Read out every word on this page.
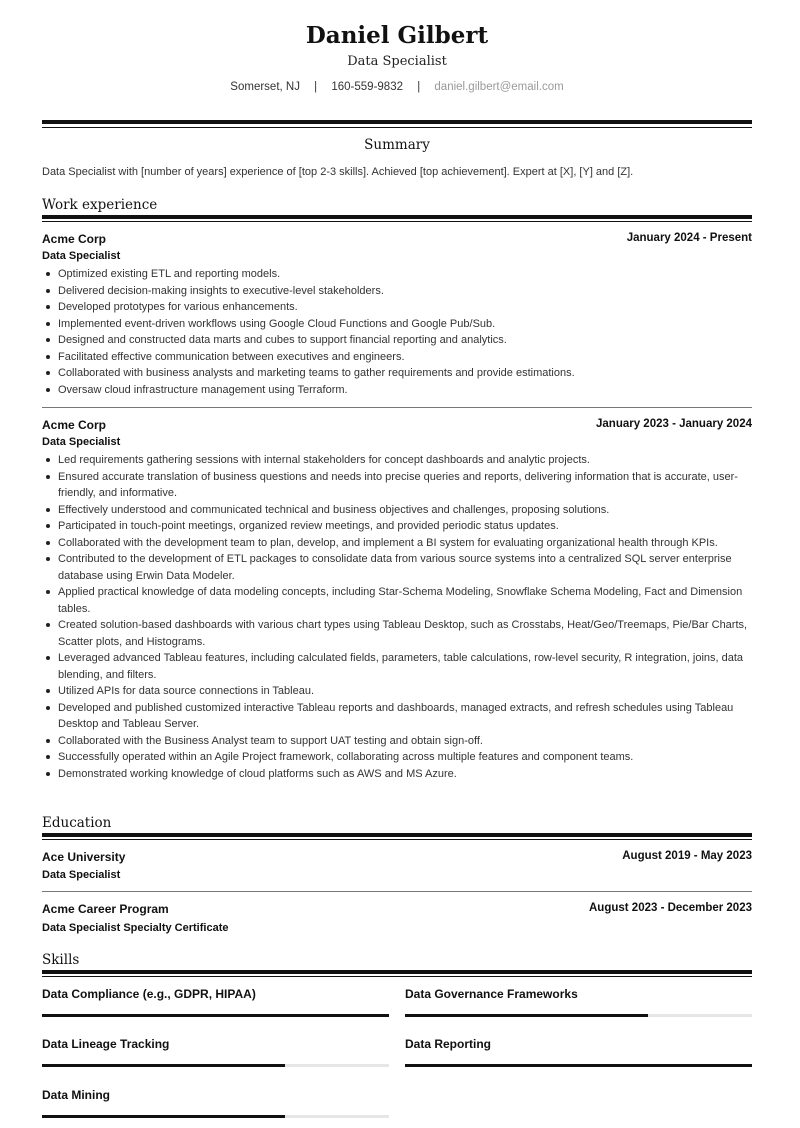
Daniel Gilbert
Data Specialist
Somerset, NJ | 160-559-9832 | daniel.gilbert@email.com
Summary
Data Specialist with [number of years] experience of [top 2-3 skills]. Achieved [top achievement]. Expert at [X], [Y] and [Z].
Work experience
Acme Corp	January 2024 - Present
Data Specialist
Optimized existing ETL and reporting models.
Delivered decision-making insights to executive-level stakeholders.
Developed prototypes for various enhancements.
Implemented event-driven workflows using Google Cloud Functions and Google Pub/Sub.
Designed and constructed data marts and cubes to support financial reporting and analytics.
Facilitated effective communication between executives and engineers.
Collaborated with business analysts and marketing teams to gather requirements and provide estimations.
Oversaw cloud infrastructure management using Terraform.
Acme Corp	January 2023 - January 2024
Data Specialist
Led requirements gathering sessions with internal stakeholders for concept dashboards and analytic projects.
Ensured accurate translation of business questions and needs into precise queries and reports, delivering information that is accurate, user-friendly, and informative.
Effectively understood and communicated technical and business objectives and challenges, proposing solutions.
Participated in touch-point meetings, organized review meetings, and provided periodic status updates.
Collaborated with the development team to plan, develop, and implement a BI system for evaluating organizational health through KPIs.
Contributed to the development of ETL packages to consolidate data from various source systems into a centralized SQL server enterprise database using Erwin Data Modeler.
Applied practical knowledge of data modeling concepts, including Star-Schema Modeling, Snowflake Schema Modeling, Fact and Dimension tables.
Created solution-based dashboards with various chart types using Tableau Desktop, such as Crosstabs, Heat/Geo/Treemaps, Pie/Bar Charts, Scatter plots, and Histograms.
Leveraged advanced Tableau features, including calculated fields, parameters, table calculations, row-level security, R integration, joins, data blending, and filters.
Utilized APIs for data source connections in Tableau.
Developed and published customized interactive Tableau reports and dashboards, managed extracts, and refresh schedules using Tableau Desktop and Tableau Server.
Collaborated with the Business Analyst team to support UAT testing and obtain sign-off.
Successfully operated within an Agile Project framework, collaborating across multiple features and component teams.
Demonstrated working knowledge of cloud platforms such as AWS and MS Azure.
Education
Ace University	August 2019 - May 2023
Data Specialist
Acme Career Program	August 2023 - December 2023
Data Specialist Specialty Certificate
Skills
Data Compliance (e.g., GDPR, HIPAA)	Data Governance Frameworks
Data Lineage Tracking	Data Reporting
Data Mining
